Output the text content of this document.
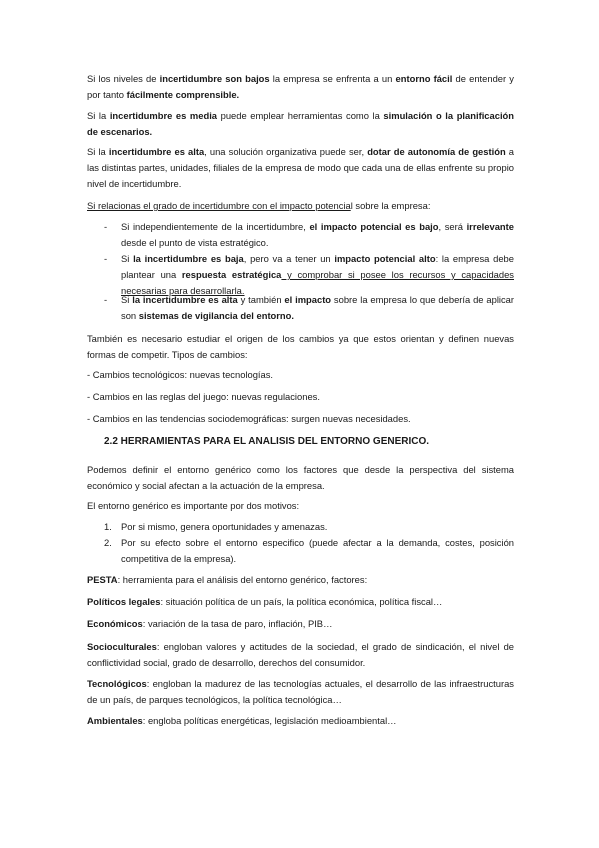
Si los niveles de incertidumbre son bajos la empresa se enfrenta a un entorno fácil de entender y por tanto fácilmente comprensible.

Si la incertidumbre es media puede emplear herramientas como la simulación o la planificación de escenarios.

Si la incertidumbre es alta, una solución organizativa puede ser, dotar de autonomía de gestión a las distintas partes, unidades, filiales de la empresa de modo que cada una de ellas enfrente su propio nivel de incertidumbre.

Si relacionas el grado de incertidumbre con el impacto potencial sobre la empresa:

- Si independientemente de la incertidumbre, el impacto potencial es bajo, será irrelevante desde el punto de vista estratégico.

- Si la incertidumbre es baja, pero va a tener un impacto potencial alto: la empresa debe plantear una respuesta estratégica y comprobar si posee los recursos y capacidades necesarias para desarrollarla.

- Si la incertidumbre es alta y también el impacto sobre la empresa lo que debería de aplicar son sistemas de vigilancia del entorno.

También es necesario estudiar el origen de los cambios ya que estos orientan y definen nuevas formas de competir. Tipos de cambios:

- Cambios tecnológicos: nuevas tecnologías.

- Cambios en las reglas del juego: nuevas regulaciones.

- Cambios en las tendencias sociodemográficas: surgen nuevas necesidades.

2.2 HERRAMIENTAS PARA EL ANALISIS DEL ENTORNO GENERICO.

Podemos definir el entorno genérico como los factores que desde la perspectiva del sistema económico y social afectan a la actuación de la empresa.

El entorno genérico es importante por dos motivos:

1. Por si mismo, genera oportunidades y amenazas.

2. Por su efecto sobre el entorno especifico (puede afectar a la demanda, costes, posición competitiva de la empresa).

PESTA: herramienta para el análisis del entorno genérico, factores:

Políticos legales: situación política de un país, la política económica, política fiscal…

Económicos: variación de la tasa de paro, inflación, PIB…

Socioculturales: engloban valores y actitudes de la sociedad, el grado de sindicación, el nivel de conflictividad social, grado de desarrollo, derechos del consumidor.

Tecnológicos: engloban la madurez de las tecnologías actuales, el desarrollo de las infraestructuras de un país, de parques tecnológicos, la política tecnológica…

Ambientales: engloba políticas energéticas, legislación medioambiental…
